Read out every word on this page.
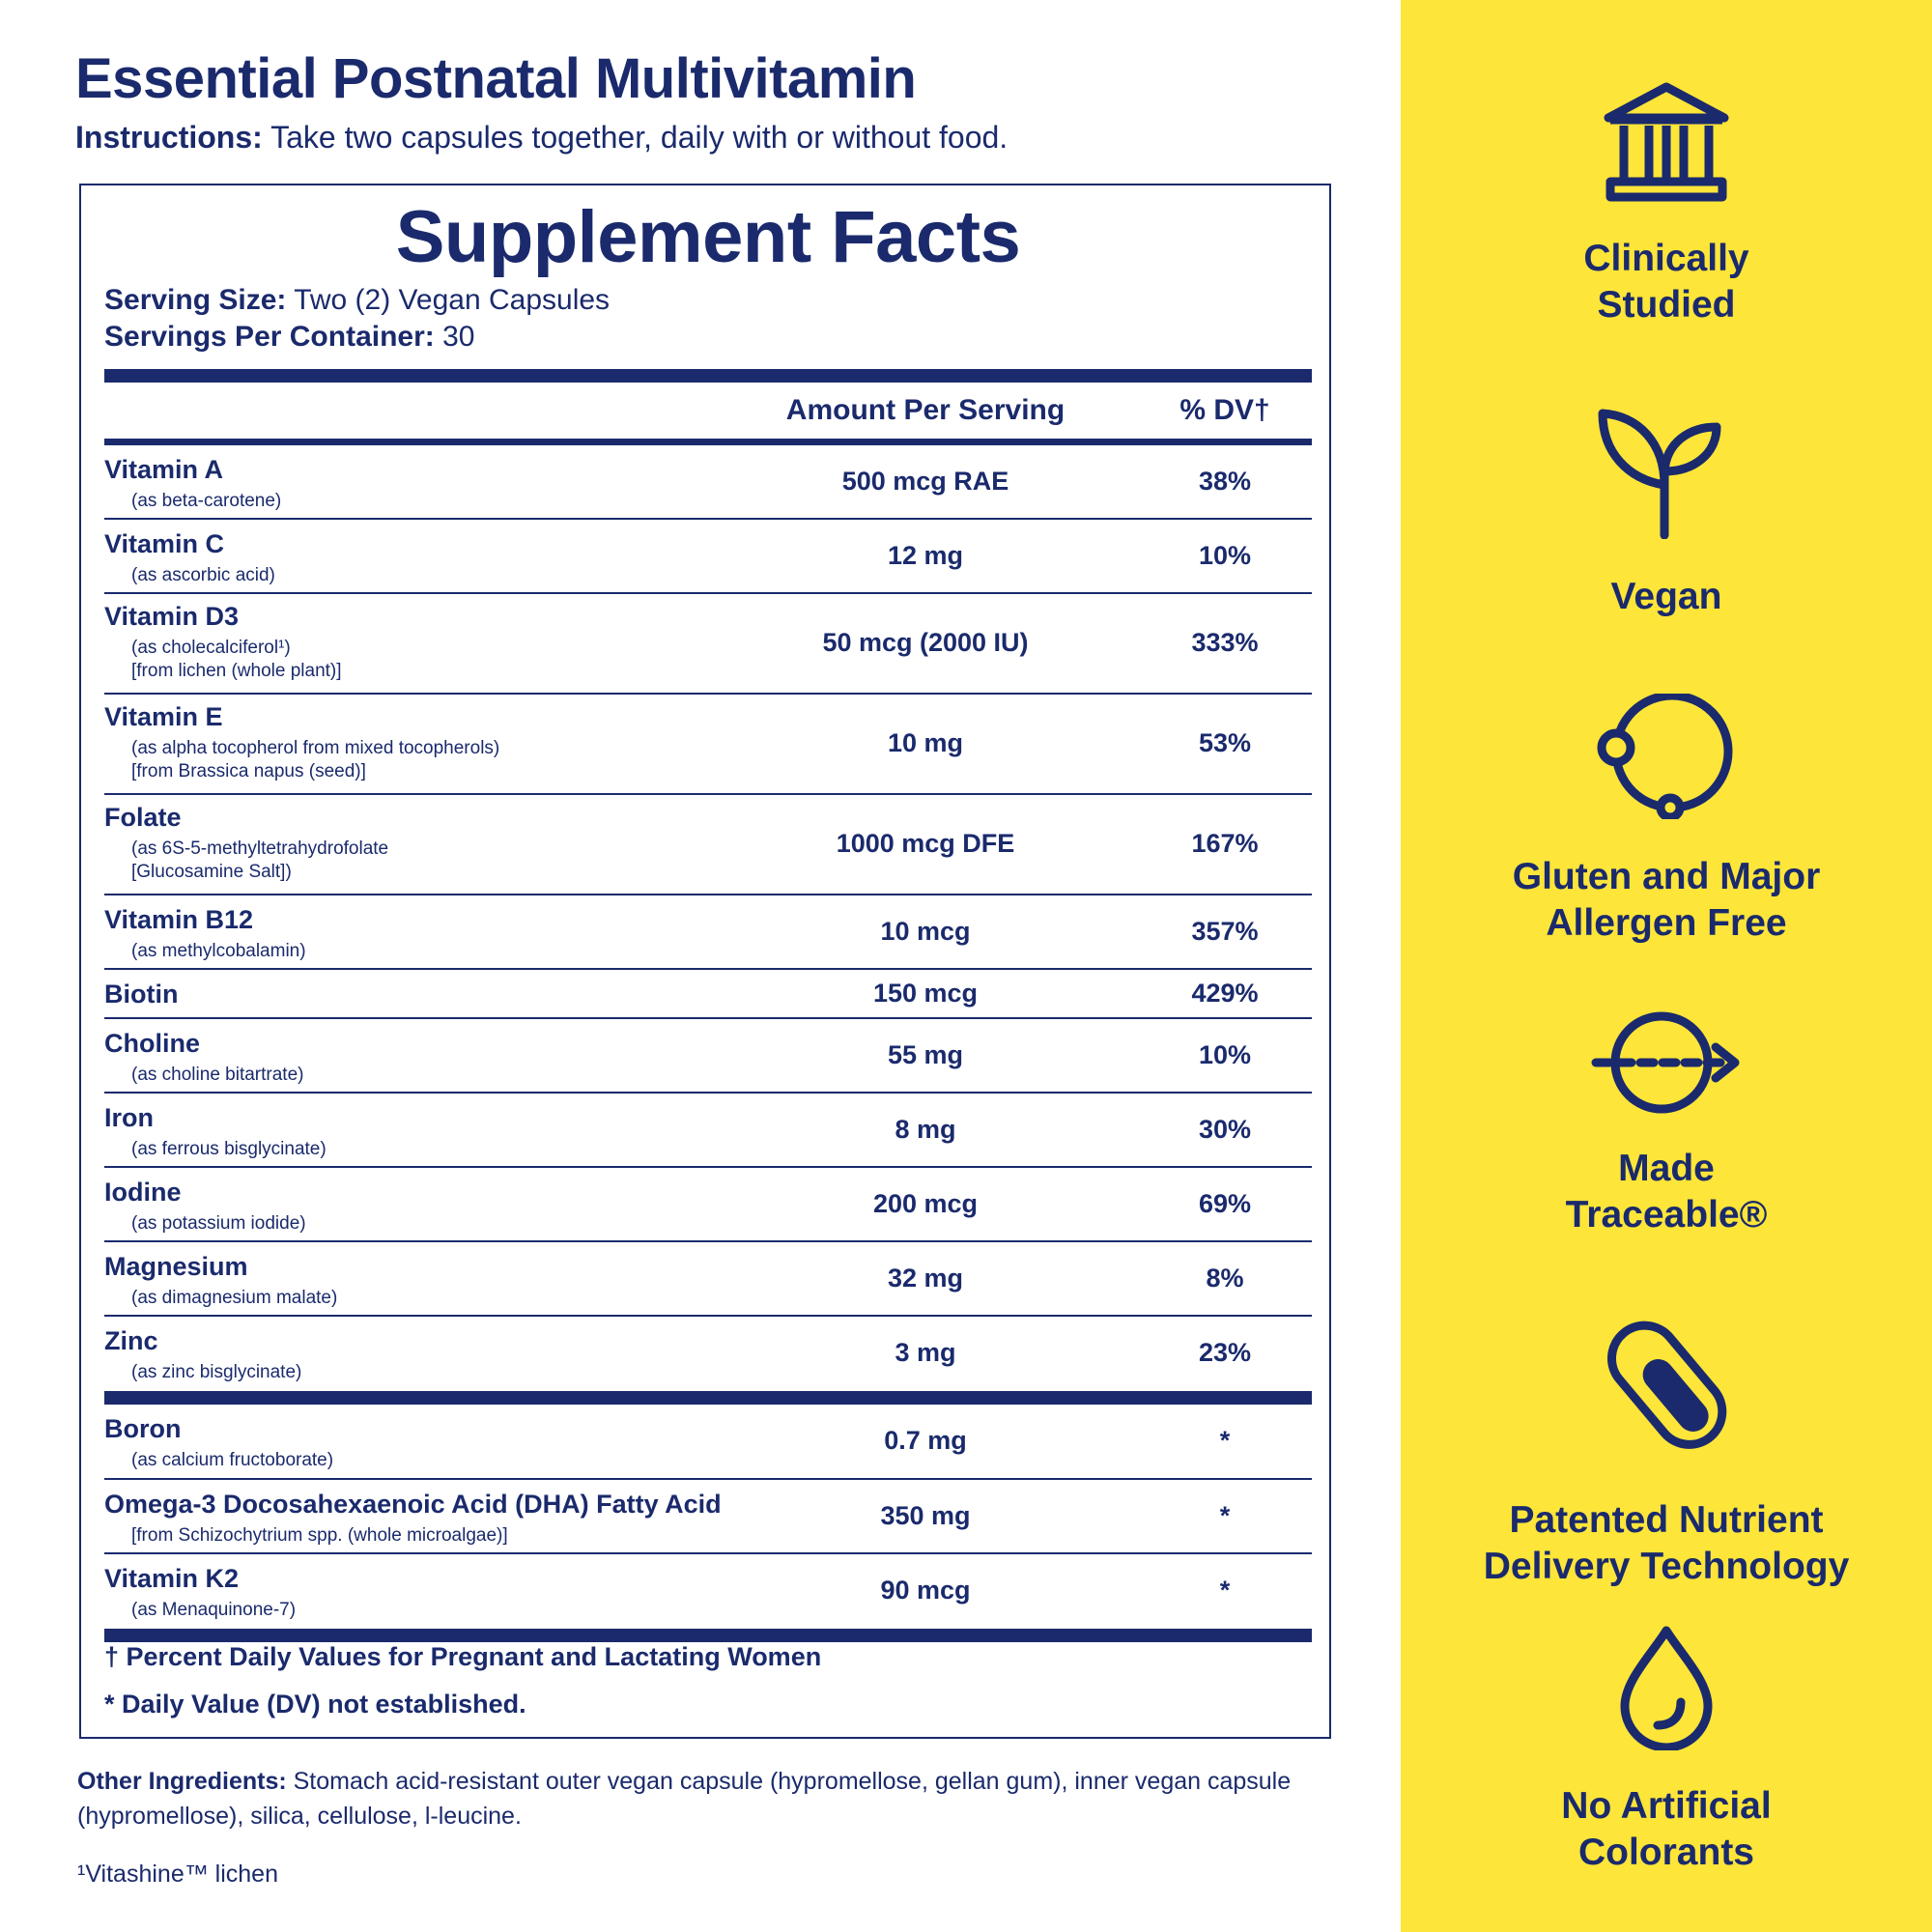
Essential Postnatal Multivitamin
Instructions: Take two capsules together, daily with or without food.
Supplement Facts
Serving Size: Two (2) Vegan Capsules
Servings Per Container: 30
Amount Per Serving	% DV†
Vitamin A
(as beta-carotene)
500 mcg RAE	38%
Vitamin C
(as ascorbic acid)
12 mg	10%
Vitamin D3
(as cholecalciferol¹)
[from lichen (whole plant)]
50 mcg (2000 IU)	333%
Vitamin E
(as alpha tocopherol from mixed tocopherols)
[from Brassica napus (seed)]
10 mg	53%
Folate
(as 6S-5-methyltetrahydrofolate
[Glucosamine Salt])
1000 mcg DFE	167%
Vitamin B12
(as methylcobalamin)
10 mcg	357%
Biotin	150 mcg	429%
Choline
(as choline bitartrate)
55 mg	10%
Iron
(as ferrous bisglycinate)
8 mg	30%
Iodine
(as potassium iodide)
200 mcg	69%
Magnesium
(as dimagnesium malate)
32 mg	8%
Zinc
(as zinc bisglycinate)
3 mg	23%
Boron
(as calcium fructoborate)
0.7 mg	*
Omega-3 Docosahexaenoic Acid (DHA) Fatty Acid
[from Schizochytrium spp. (whole microalgae)]
350 mg	*
Vitamin K2
(as Menaquinone-7)
90 mcg	*
† Percent Daily Values for Pregnant and Lactating Women
* Daily Value (DV) not established.
Other Ingredients: Stomach acid-resistant outer vegan capsule (hypromellose, gellan gum), inner vegan capsule (hypromellose), silica, cellulose, l-leucine.
¹Vitashine™ lichen
Clinically
Studied
Vegan
Gluten and Major
Allergen Free
Made
Traceable®
Patented Nutrient
Delivery Technology
No Artificial
Colorants
